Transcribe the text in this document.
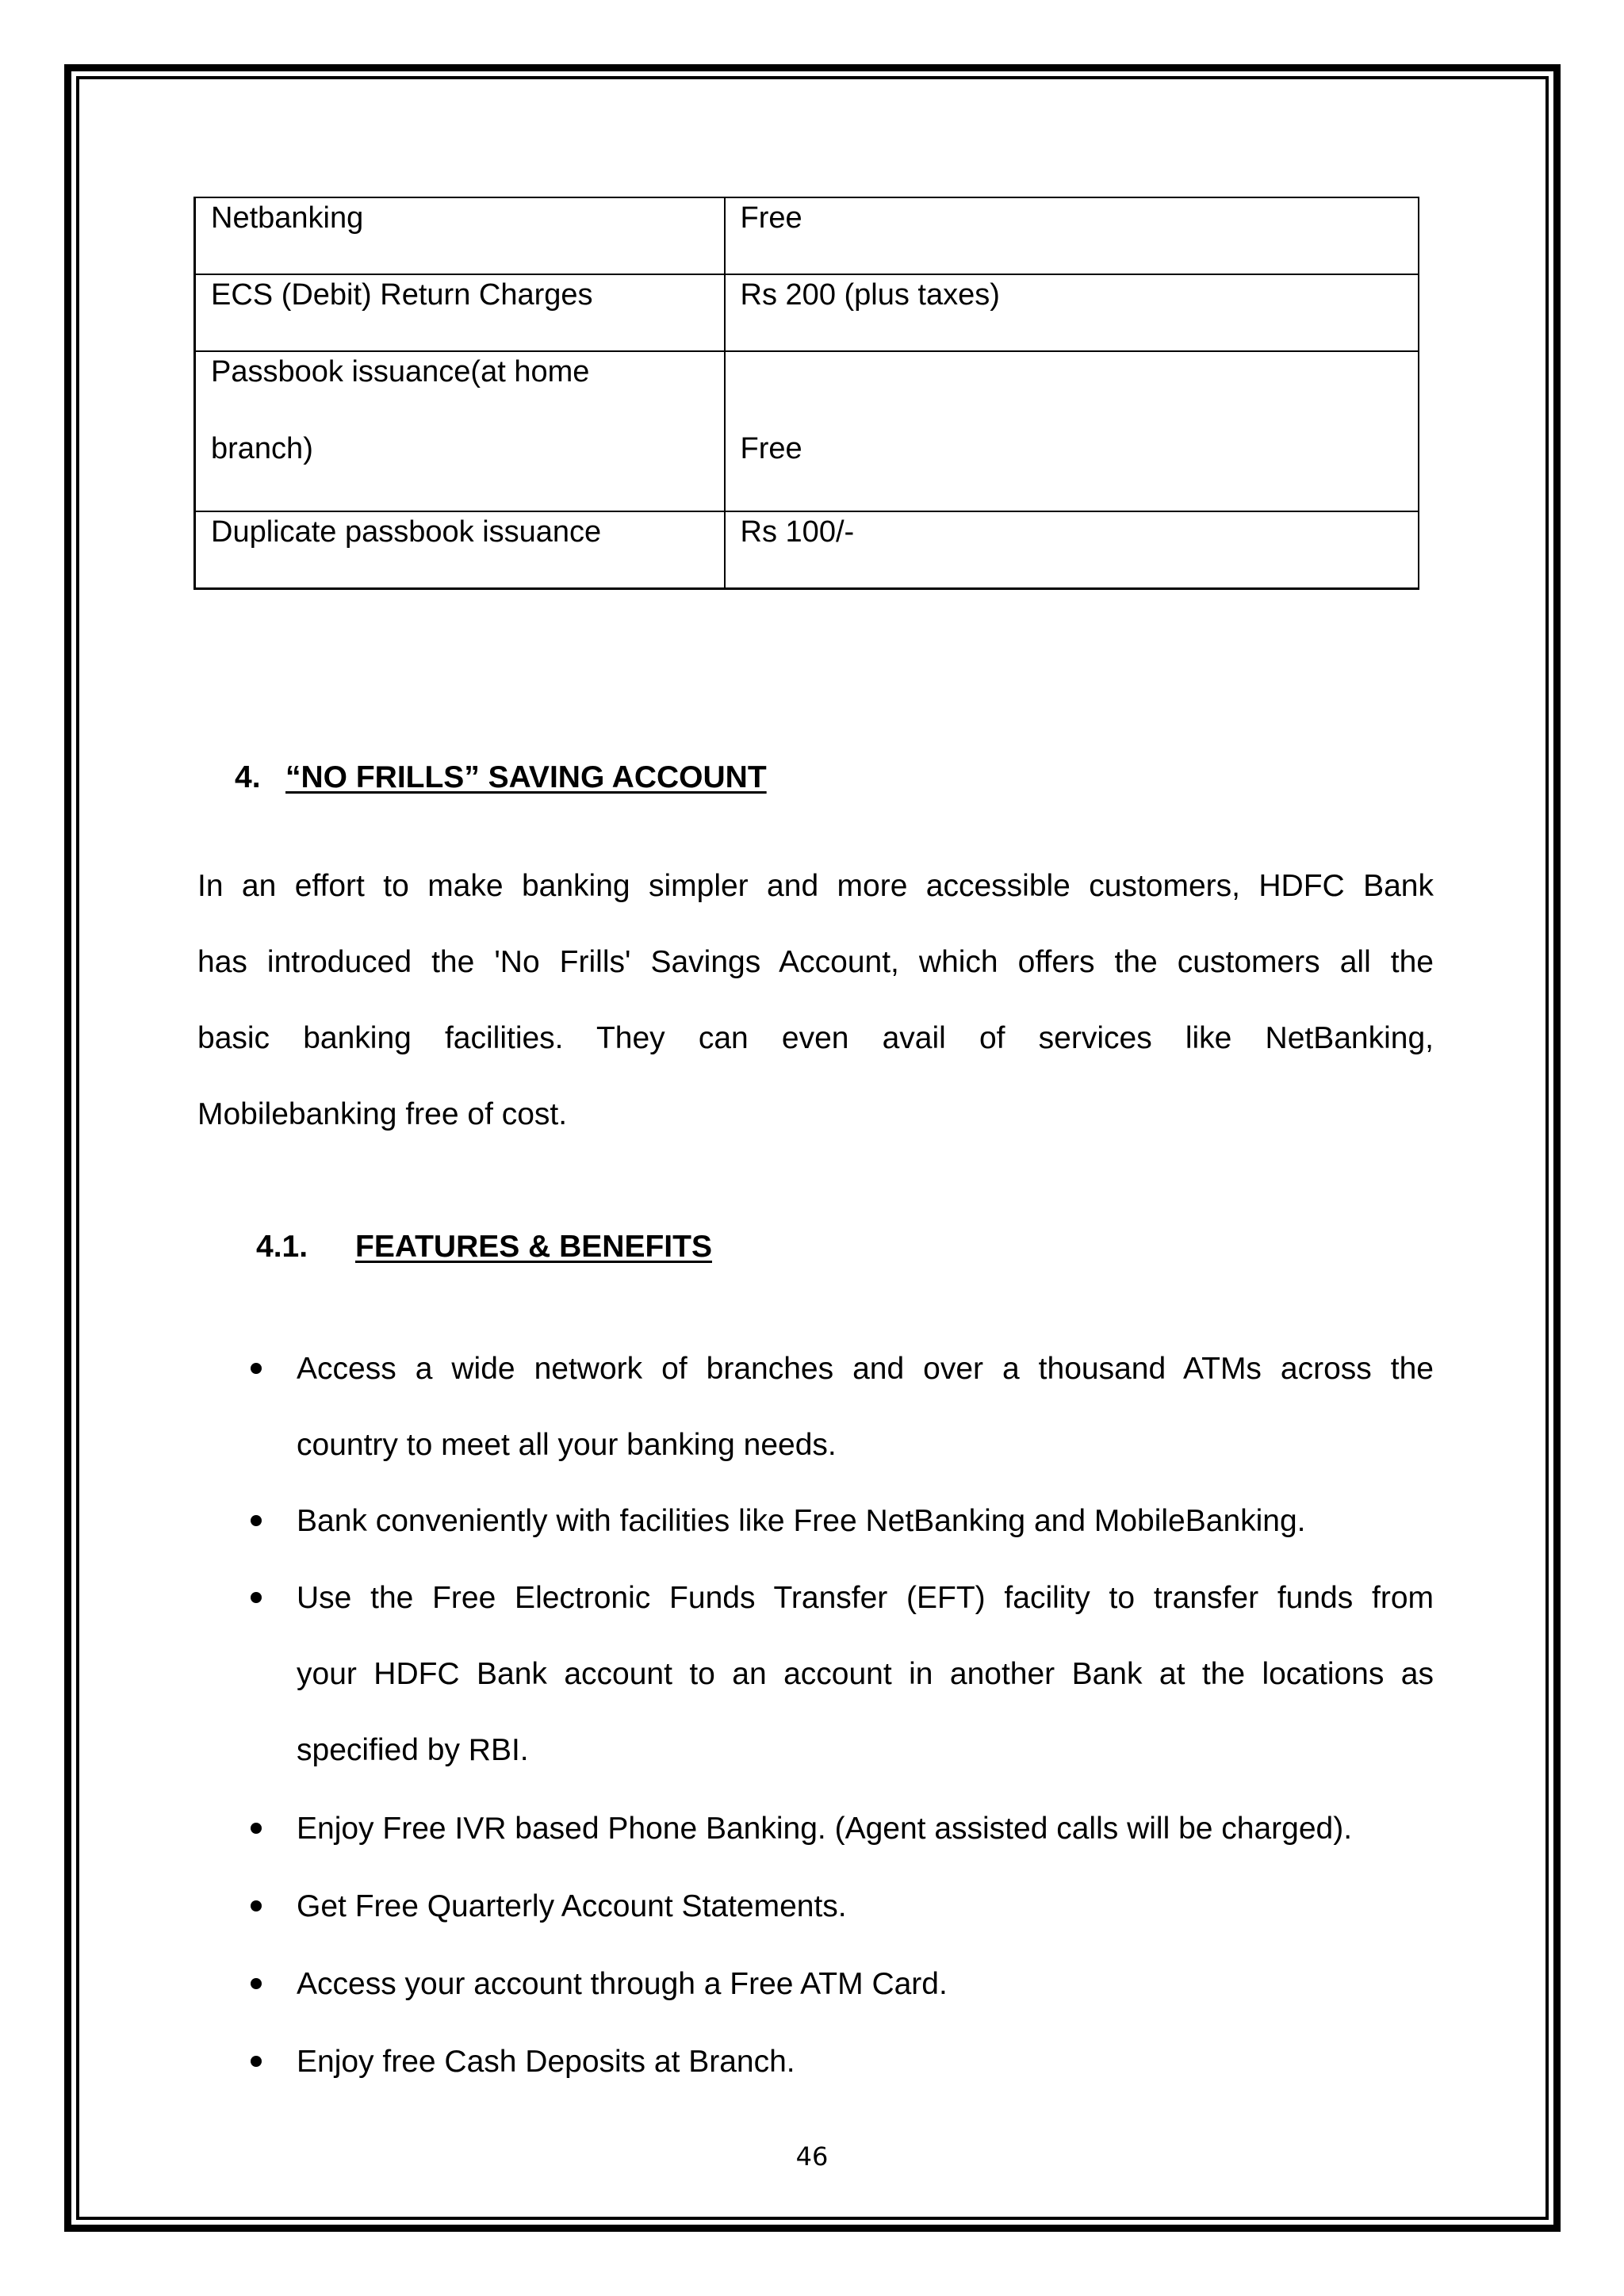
Netbanking	Free
ECS (Debit) Return Charges	Rs 200 (plus taxes)

Passbook issuance(at home
branch)	Free

Duplicate passbook issuance	Rs 100/-
4. “NO FRILLS” SAVING ACCOUNT
In an effort to make banking simpler and more accessible customers, HDFC Bank
has introduced the 'No Frills' Savings Account, which offers the customers all the
basic banking facilities. They can even avail of services like NetBanking,
Mobilebanking free of cost.
4.1. FEATURES & BENEFITS
Access a wide network of branches and over a thousand ATMs across the
country to meet all your banking needs.
Bank conveniently with facilities like Free NetBanking and MobileBanking.
Use the Free Electronic Funds Transfer (EFT) facility to transfer funds from
your HDFC Bank account to an account in another Bank at the locations as
specified by RBI.
Enjoy Free IVR based Phone Banking. (Agent assisted calls will be charged).
Get Free Quarterly Account Statements.
Access your account through a Free ATM Card.
Enjoy free Cash Deposits at Branch.
46
